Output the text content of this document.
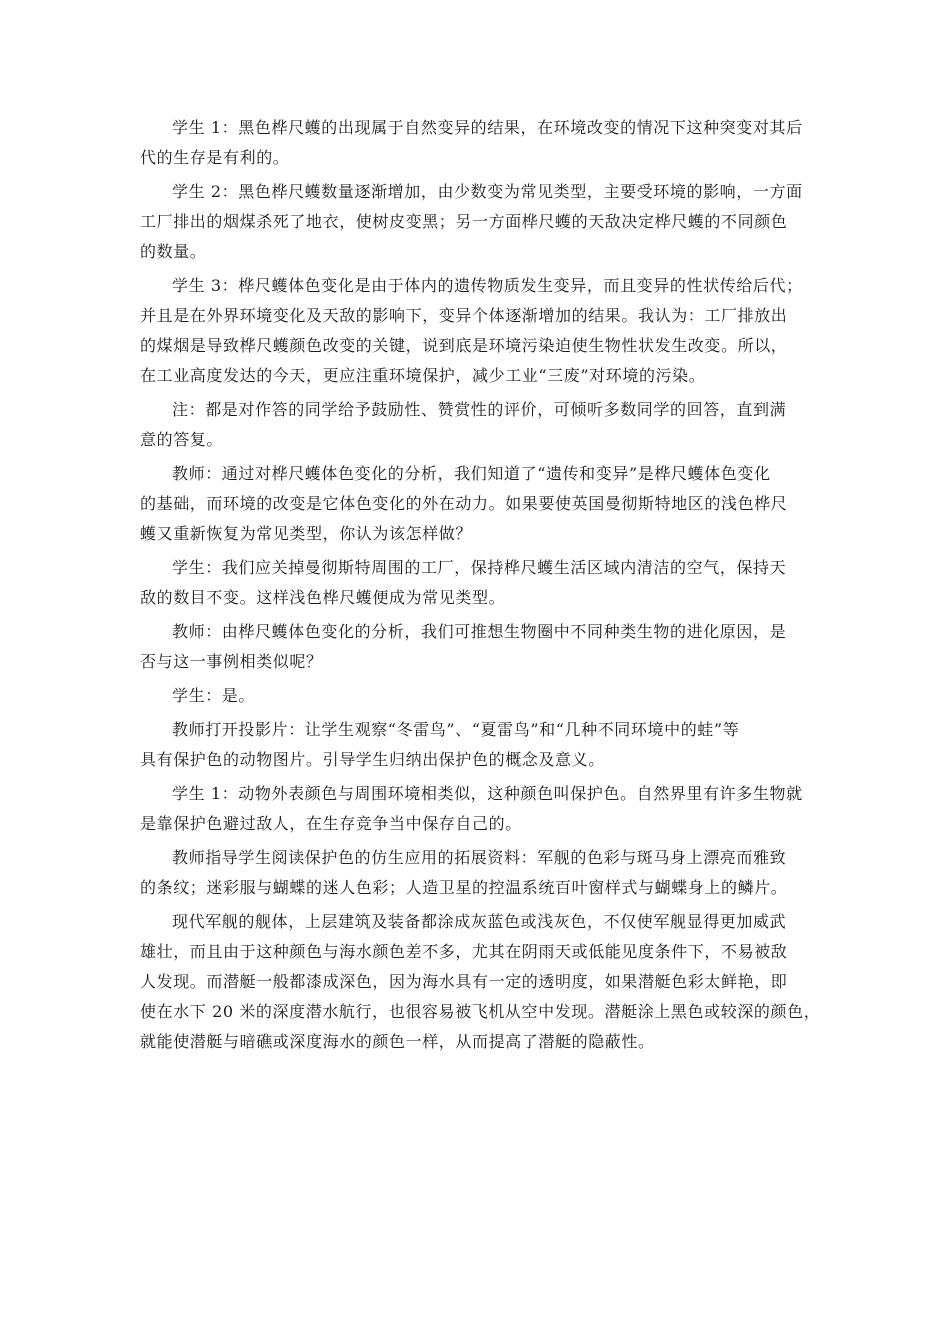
学生 1：黑色桦尺蠖的出现属于自然变异的结果，在环境改变的情况下这种突变对其后
代的生存是有利的。
学生 2：黑色桦尺蠖数量逐渐增加，由少数变为常见类型，主要受环境的影响，一方面
工厂排出的烟煤杀死了地衣，使树皮变黑；另一方面桦尺蠖的天敌决定桦尺蠖的不同颜色
的数量。
学生 3：桦尺蠖体色变化是由于体内的遗传物质发生变异，而且变异的性状传给后代；
并且是在外界环境变化及天敌的影响下，变异个体逐渐增加的结果。我认为：工厂排放出
的煤烟是导致桦尺蠖颜色改变的关键，说到底是环境污染迫使生物性状发生改变。所以，
在工业高度发达的今天，更应注重环境保护，减少工业“三废”对环境的污染。
注：都是对作答的同学给予鼓励性、赞赏性的评价，可倾听多数同学的回答，直到满
意的答复。
教师：通过对桦尺蠖体色变化的分析，我们知道了“遗传和变异”是桦尺蠖体色变化
的基础，而环境的改变是它体色变化的外在动力。如果要使英国曼彻斯特地区的浅色桦尺
蠖又重新恢复为常见类型，你认为该怎样做？
学生：我们应关掉曼彻斯特周围的工厂，保持桦尺蠖生活区域内清洁的空气，保持天
敌的数目不变。这样浅色桦尺蠖便成为常见类型。
教师：由桦尺蠖体色变化的分析，我们可推想生物圈中不同种类生物的进化原因，是
否与这一事例相类似呢？
学生：是。
教师打开投影片：让学生观察“冬雷鸟”、“夏雷鸟”和“几种不同环境中的蛙”等
具有保护色的动物图片。引导学生归纳出保护色的概念及意义。
学生 1：动物外表颜色与周围环境相类似，这种颜色叫保护色。自然界里有许多生物就
是靠保护色避过敌人，在生存竞争当中保存自己的。
教师指导学生阅读保护色的仿生应用的拓展资料：军舰的色彩与斑马身上漂亮而雅致
的条纹；迷彩服与蝴蝶的迷人色彩；人造卫星的控温系统百叶窗样式与蝴蝶身上的鳞片。
现代军舰的舰体，上层建筑及装备都涂成灰蓝色或浅灰色，不仅使军舰显得更加威武
雄壮，而且由于这种颜色与海水颜色差不多，尤其在阴雨天或低能见度条件下，不易被敌
人发现。而潜艇一般都漆成深色，因为海水具有一定的透明度，如果潜艇色彩太鲜艳，即
使在水下 20 米的深度潜水航行，也很容易被飞机从空中发现。潜艇涂上黑色或较深的颜色，
就能使潜艇与暗礁或深度海水的颜色一样，从而提高了潜艇的隐蔽性。
